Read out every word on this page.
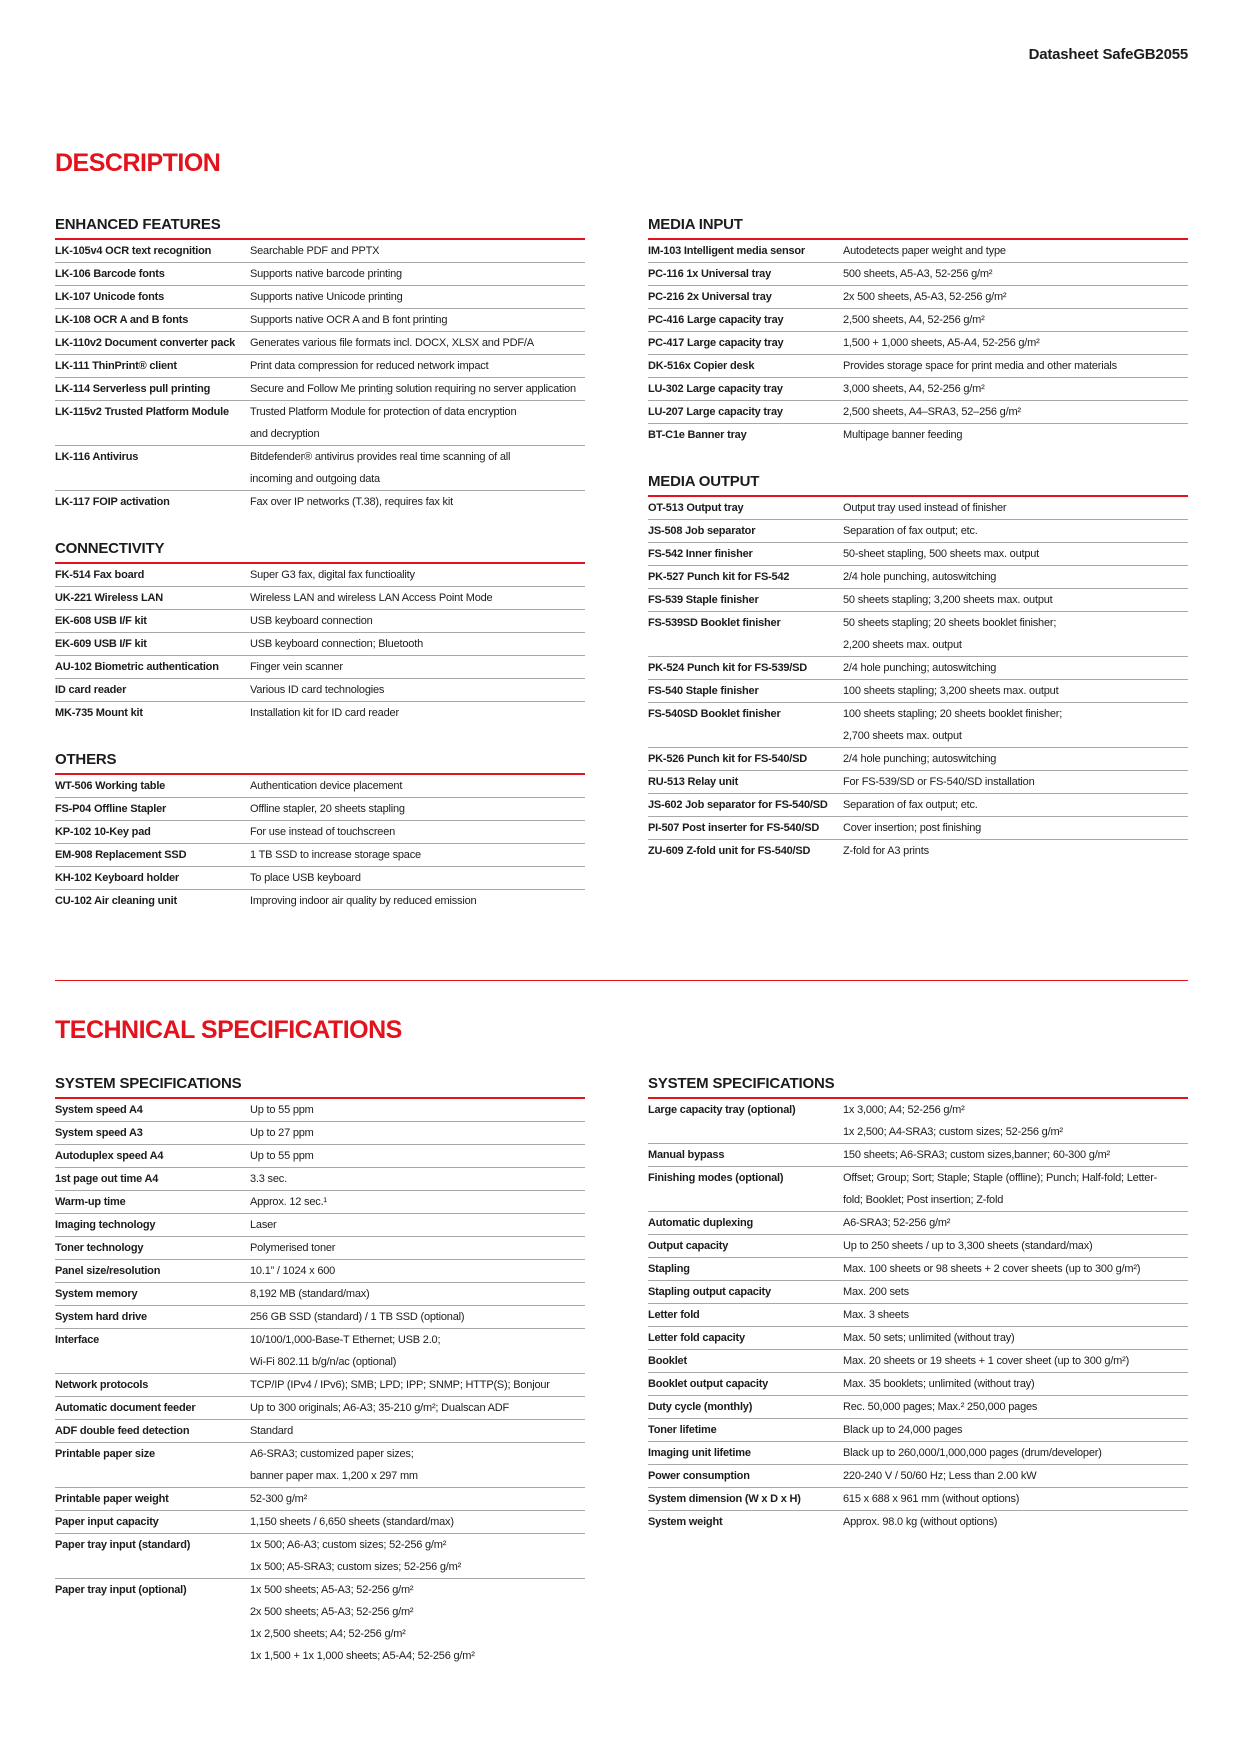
Datasheet SafeGB2055
DESCRIPTION
ENHANCED FEATURES
LK-105v4 OCR text recognition	Searchable PDF and PPTX
LK-106 Barcode fonts	Supports native barcode printing
LK-107 Unicode fonts	Supports native Unicode printing
LK-108 OCR A and B fonts	Supports native OCR A and B font printing
LK-110v2 Document converter pack	Generates various file formats incl. DOCX, XLSX and PDF/A
LK-111 ThinPrint® client	Print data compression for reduced network impact
LK-114 Serverless pull printing	Secure and Follow Me printing solution requiring no server application
LK-115v2 Trusted Platform Module	Trusted Platform Module for protection of data encryption
and decryption
LK-116 Antivirus	Bitdefender® antivirus provides real time scanning of all
incoming and outgoing data
LK-117 FOIP activation	Fax over IP networks (T.38), requires fax kit
CONNECTIVITY
FK-514 Fax board	Super G3 fax, digital fax functioality
UK-221 Wireless LAN	Wireless LAN and wireless LAN Access Point Mode
EK-608 USB I/F kit	USB keyboard connection
EK-609 USB I/F kit	USB keyboard connection; Bluetooth
AU-102 Biometric authentication	Finger vein scanner
ID card reader	Various ID card technologies
MK-735 Mount kit	Installation kit for ID card reader
OTHERS
WT-506 Working table	Authentication device placement
FS-P04 Offline Stapler	Offline stapler, 20 sheets stapling
KP-102 10-Key pad	For use instead of touchscreen
EM-908 Replacement SSD	1 TB SSD to increase storage space
KH-102 Keyboard holder	To place USB keyboard
CU-102 Air cleaning unit	Improving indoor air quality by reduced emission
MEDIA INPUT
IM-103 Intelligent media sensor	Autodetects paper weight and type
PC-116 1x Universal tray	500 sheets, A5-A3, 52-256 g/m²
PC-216 2x Universal tray	2x 500 sheets, A5-A3, 52-256 g/m²
PC-416 Large capacity tray	2,500 sheets, A4, 52-256 g/m²
PC-417 Large capacity tray	1,500 + 1,000 sheets, A5-A4, 52-256 g/m²
DK-516x Copier desk	Provides storage space for print media and other materials
LU-302 Large capacity tray	3,000 sheets, A4, 52-256 g/m²
LU-207 Large capacity tray	2,500 sheets, A4–SRA3, 52–256 g/m²
BT-C1e Banner tray	Multipage banner feeding
MEDIA OUTPUT
OT-513 Output tray	Output tray used instead of finisher
JS-508 Job separator	Separation of fax output; etc.
FS-542 Inner finisher	50-sheet stapling, 500 sheets max. output
PK-527 Punch kit for FS-542	2/4 hole punching, autoswitching
FS-539 Staple finisher	50 sheets stapling; 3,200 sheets max. output
FS-539SD Booklet finisher	50 sheets stapling; 20 sheets booklet finisher;
2,200 sheets max. output
PK-524 Punch kit for FS-539/SD	2/4 hole punching; autoswitching
FS-540 Staple finisher	100 sheets stapling; 3,200 sheets max. output
FS-540SD Booklet finisher	100 sheets stapling; 20 sheets booklet finisher;
2,700 sheets max. output
PK-526 Punch kit for FS-540/SD	2/4 hole punching; autoswitching
RU-513 Relay unit	For FS-539/SD or FS-540/SD installation
JS-602 Job separator for FS-540/SD	Separation of fax output; etc.
PI-507 Post inserter for FS-540/SD	Cover insertion; post finishing
ZU-609 Z-fold unit for FS-540/SD	Z-fold for A3 prints
TECHNICAL SPECIFICATIONS
SYSTEM SPECIFICATIONS
System speed A4	Up to 55 ppm
System speed A3	Up to 27 ppm
Autoduplex speed A4	Up to 55 ppm
1st page out time A4	3.3 sec.
Warm-up time	Approx. 12 sec.¹
Imaging technology	Laser
Toner technology	Polymerised toner
Panel size/resolution	10.1” / 1024 x 600
System memory	8,192 MB (standard/max)
System hard drive	256 GB SSD (standard) / 1 TB SSD (optional)
Interface	10/100/1,000-Base-T Ethernet; USB 2.0;
Wi-Fi 802.11 b/g/n/ac (optional)
Network protocols	TCP/IP (IPv4 / IPv6); SMB; LPD; IPP; SNMP; HTTP(S); Bonjour
Automatic document feeder	Up to 300 originals; A6-A3; 35-210 g/m²; Dualscan ADF
ADF double feed detection	Standard
Printable paper size	A6-SRA3; customized paper sizes;
banner paper max. 1,200 x 297 mm
Printable paper weight	52-300 g/m²
Paper input capacity	1,150 sheets / 6,650 sheets (standard/max)
Paper tray input (standard)	1x 500; A6-A3; custom sizes; 52-256 g/m²
1x 500; A5-SRA3; custom sizes; 52-256 g/m²
Paper tray input (optional)	1x 500 sheets; A5-A3; 52-256 g/m²
2x 500 sheets; A5-A3; 52-256 g/m²
1x 2,500 sheets; A4; 52-256 g/m²
1x 1,500 + 1x 1,000 sheets; A5-A4; 52-256 g/m²
SYSTEM SPECIFICATIONS
Large capacity tray (optional)	1x 3,000; A4; 52-256 g/m²
1x 2,500; A4-SRA3; custom sizes; 52-256 g/m²
Manual bypass	150 sheets; A6-SRA3; custom sizes,banner; 60-300 g/m²
Finishing modes (optional)	Offset; Group; Sort; Staple; Staple (offline); Punch; Half-fold; Letter-
fold; Booklet; Post insertion; Z-fold
Automatic duplexing	A6-SRA3; 52-256 g/m²
Output capacity	Up to 250 sheets / up to 3,300 sheets (standard/max)
Stapling	Max. 100 sheets or 98 sheets + 2 cover sheets (up to 300 g/m²)
Stapling output capacity	Max. 200 sets
Letter fold	Max. 3 sheets
Letter fold capacity	Max. 50 sets; unlimited (without tray)
Booklet	Max. 20 sheets or 19 sheets + 1 cover sheet (up to 300 g/m²)
Booklet output capacity	Max. 35 booklets; unlimited (without tray)
Duty cycle (monthly)	Rec. 50,000 pages; Max.² 250,000 pages
Toner lifetime	Black up to 24,000 pages
Imaging unit lifetime	Black up to 260,000/1,000,000 pages (drum/developer)
Power consumption	220-240 V / 50/60 Hz; Less than 2.00 kW
System dimension (W x D x H)	615 x 688 x 961 mm (without options)
System weight	Approx. 98.0 kg (without options)
